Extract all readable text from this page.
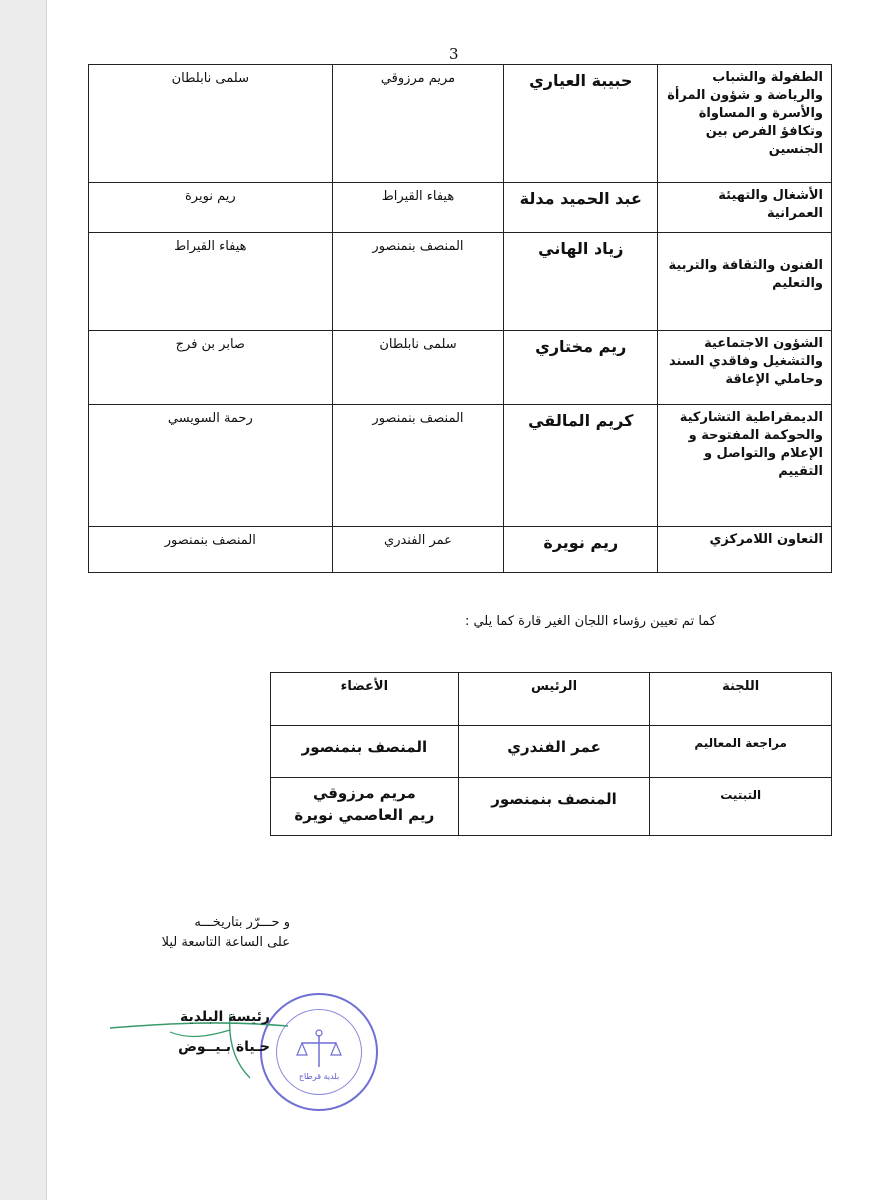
3
الطفولة والشباب والرياضة و شؤون المرأة والأسرة و المساواة وتكافؤ الفرص بين الجنسين	حبيبة العياري	مريم مرزوقي	سلمى نابلطان
الأشغال والتهيئة العمرانية	عبد الحميد مدلة	هيفاء القيراط	ريم نويرة
الفنون والثقافة والتربية والتعليم	زياد الهاني	المنصف بنمنصور	هيفاء القيراط
الشؤون الاجتماعية والتشغيل وفاقدي السند وحاملي الإعاقة	ريم مختاري	سلمى نابلطان	صابر بن فرج
الديمقراطية التشاركية والحوكمة المفتوحة و الإعلام والتواصل و التقييم	كريم المالقي	المنصف بنمنصور	رحمة السويسي
التعاون اللامركزي	ريم نويرة	عمر الفندري	المنصف بنمنصور
كما تم تعيين رؤساء اللجان الغير قارة كما يلي :
اللجنة	الرئيس	الأعضاء
مراجعة المعاليم	عمر الفندري	المنصف بنمنصور
التبتيت	المنصف بنمنصور	مريم مرزوقي
ريم العاصمي نويرة
و حـــرّر بتاريخـــه
على الساعة التاسعة ليلا
بلدية قرطاج
رئيسة البلدية
حـياة بـيــوض
